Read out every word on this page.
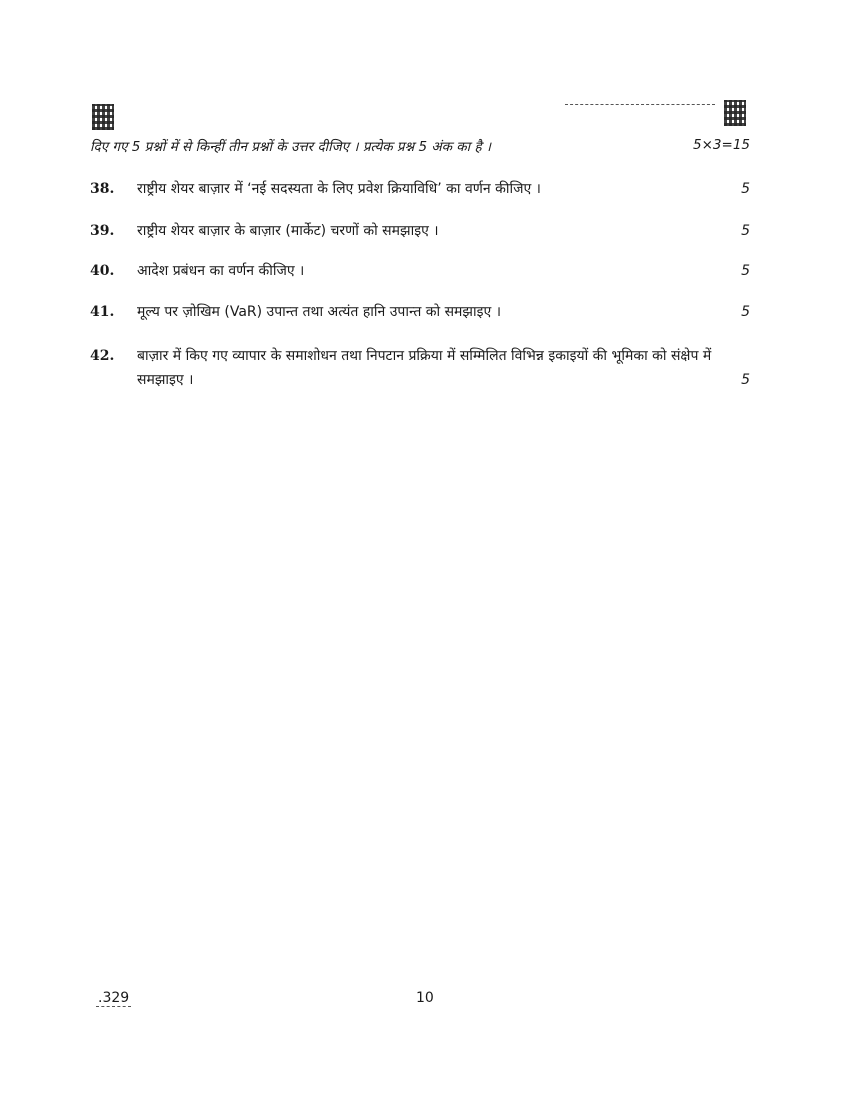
दिए गए 5 प्रश्नों में से किन्हीं तीन प्रश्नों के उत्तर दीजिए । प्रत्येक प्रश्न 5 अंक का है ।	5×3=15
38. राष्ट्रीय शेयर बाज़ार में ‘नई सदस्यता के लिए प्रवेश क्रियाविधि’ का वर्णन कीजिए ।	5
39. राष्ट्रीय शेयर बाज़ार के बाज़ार (मार्केट) चरणों को समझाइए ।	5
40. आदेश प्रबंधन का वर्णन कीजिए ।	5
41. मूल्य पर ज़ोखिम (VaR) उपान्त तथा अत्यंत हानि उपान्त को समझाइए ।	5
42. बाज़ार में किए गए व्यापार के समाशोधन तथा निपटान प्रक्रिया में सम्मिलित विभिन्न इकाइयों की भूमिका को संक्षेप में समझाइए ।	5
.329	10
